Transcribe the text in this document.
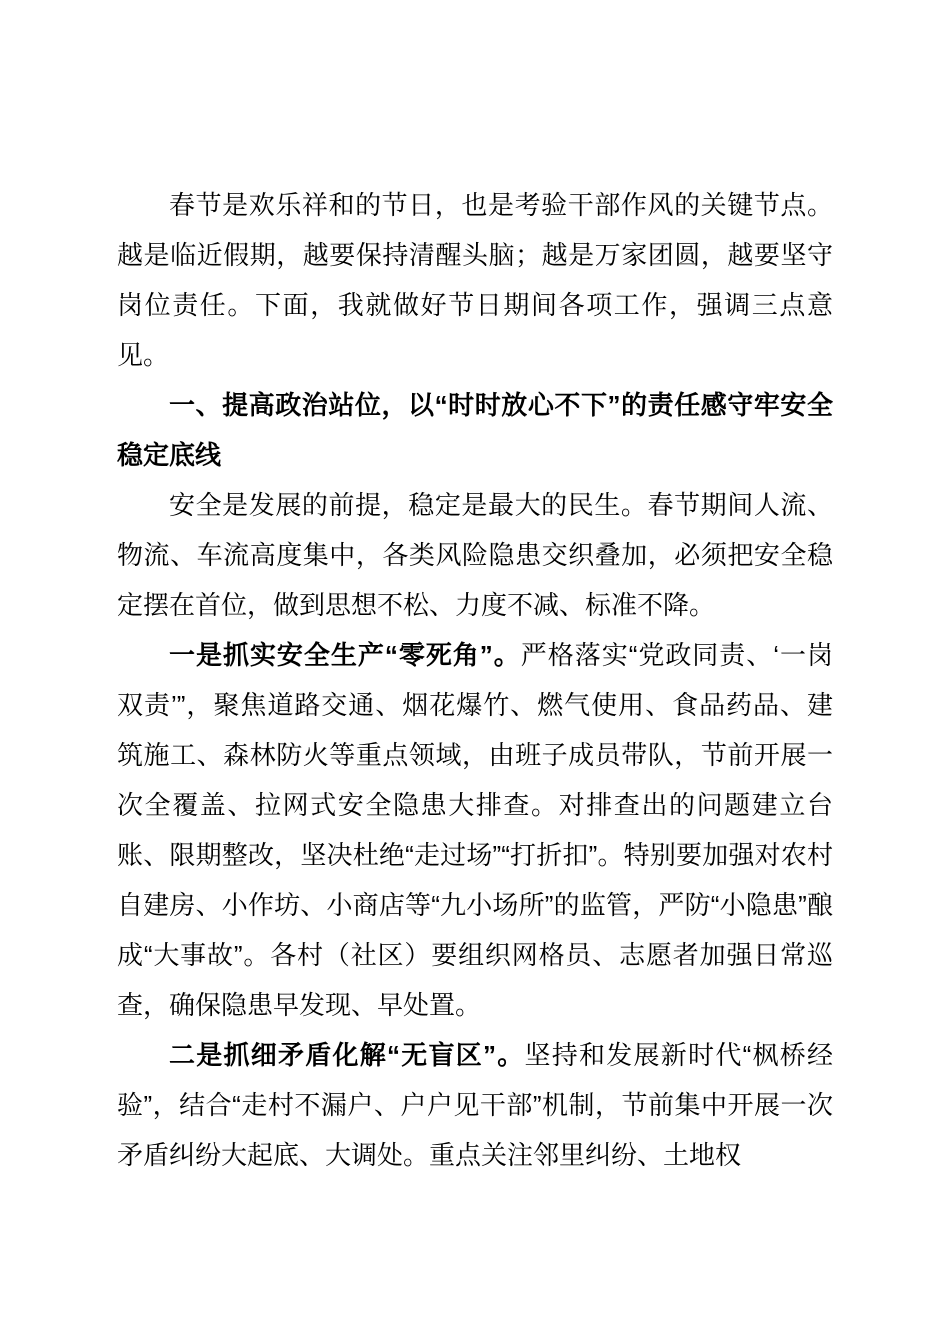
春节是欢乐祥和的节日，也是考验干部作风的关键节点。越是临近假期，越要保持清醒头脑；越是万家团圆，越要坚守岗位责任。下面，我就做好节日期间各项工作，强调三点意见。

一、提高政治站位，以“时时放心不下”的责任感守牢安全稳定底线

安全是发展的前提，稳定是最大的民生。春节期间人流、物流、车流高度集中，各类风险隐患交织叠加，必须把安全稳定摆在首位，做到思想不松、力度不减、标准不降。

一是抓实安全生产“零死角”。严格落实“党政同责、‘一岗双责’”，聚焦道路交通、烟花爆竹、燃气使用、食品药品、建筑施工、森林防火等重点领域，由班子成员带队，节前开展一次全覆盖、拉网式安全隐患大排查。对排查出的问题建立台账、限期整改，坚决杜绝“走过场”“打折扣”。特别要加强对农村自建房、小作坊、小商店等“九小场所”的监管，严防“小隐患”酿成“大事故”。各村（社区）要组织网格员、志愿者加强日常巡查，确保隐患早发现、早处置。

二是抓细矛盾化解“无盲区”。坚持和发展新时代“枫桥经验”，结合“走村不漏户、户户见干部”机制，节前集中开展一次矛盾纠纷大起底、大调处。重点关注邻里纠纷、土地权
